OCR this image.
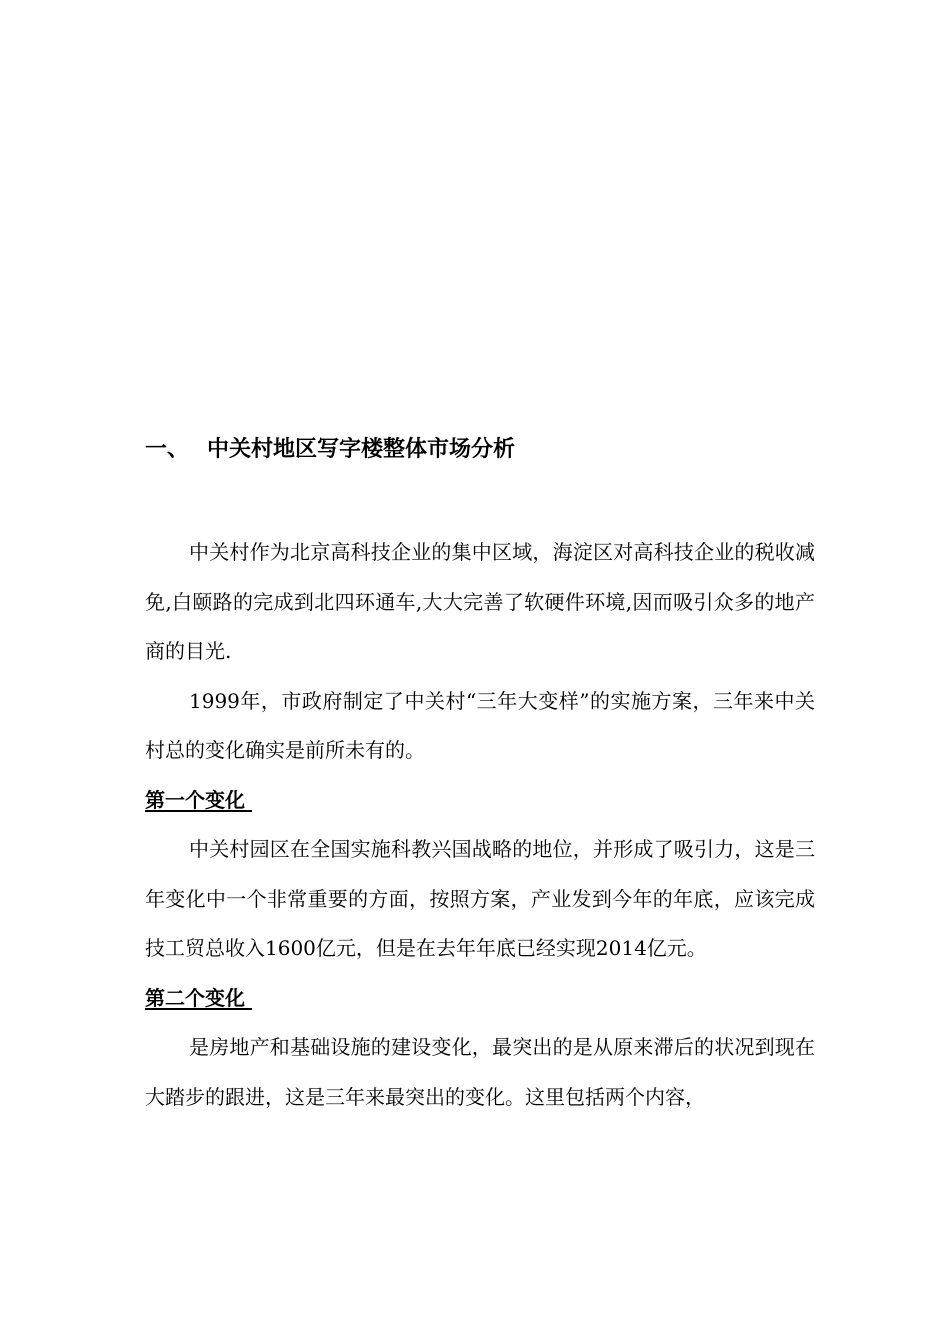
一、 中关村地区写字楼整体市场分析

中关村作为北京高科技企业的集中区域，海淀区对高科技企业的税收减免,白颐路的完成到北四环通车,大大完善了软硬件环境,因而吸引众多的地产商的目光.

1999年，市政府制定了中关村“三年大变样”的实施方案，三年来中关村总的变化确实是前所未有的。

第一个变化

中关村园区在全国实施科教兴国战略的地位，并形成了吸引力，这是三年变化中一个非常重要的方面，按照方案，产业发到今年的年底，应该完成技工贸总收入1600亿元，但是在去年年底已经实现2014亿元。

第二个变化

是房地产和基础设施的建设变化，最突出的是从原来滞后的状况到现在大踏步的跟进，这是三年来最突出的变化。这里包括两个内容，
